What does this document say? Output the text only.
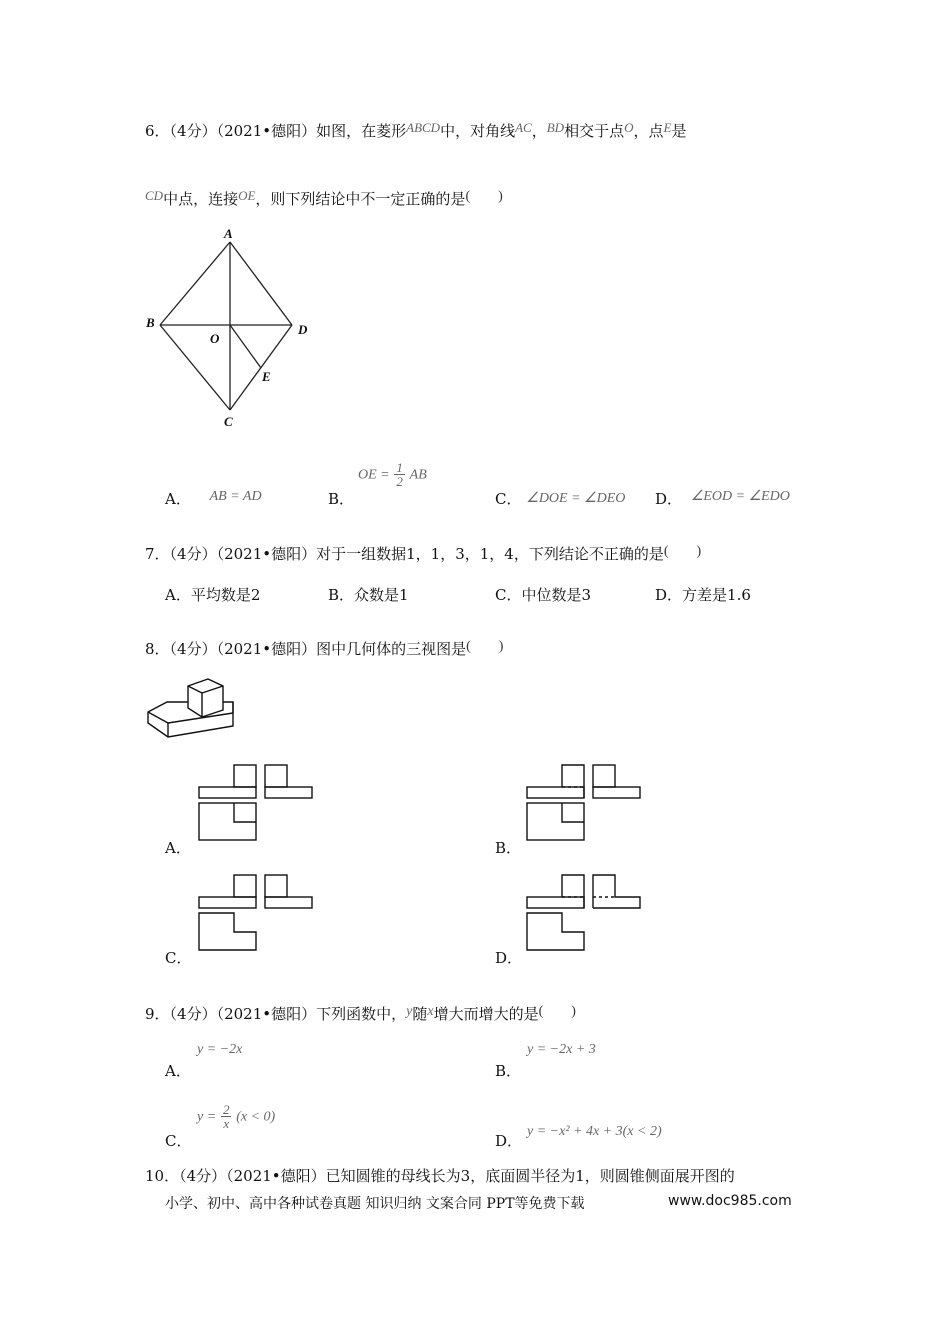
6．（4分）（2021•德阳）如图，在菱形ABCD中，对角线AC，BD相交于点O，点E是
CD中点，连接OE，则下列结论中不一定正确的是(　　)
A
B	D
O
E
C
A． AB = AD	B．
OE = $\frac{1}{2}$ AB
C． ∠DOE = ∠DEO D． ∠EOD = ∠EDO
7．（4分）（2021•德阳）对于一组数据1，1，3，1，4，下列结论不正确的是(　　)
A．平均数是2	B．众数是1	C．中位数是3	D．方差是1.6
8．（4分）（2021•德阳）图中几何体的三视图是(　　)
A．	B．
C．	D．
9．（4分）（2021•德阳）下列函数中，y随x增大而增大的是(　　)
A．
y = −2x
B．
y = −2x + 3
C．
$y = \frac{2}{x} (x < 0)$
D．
y = −x² + 4x + 3(x < 2)
10．（4分）（2021•德阳）已知圆锥的母线长为3，底面圆半径为1，则圆锥侧面展开图的
小学、初中、高中各种试卷真题 知识归纳 文案合同 PPT等免费下载	www.doc985.com
